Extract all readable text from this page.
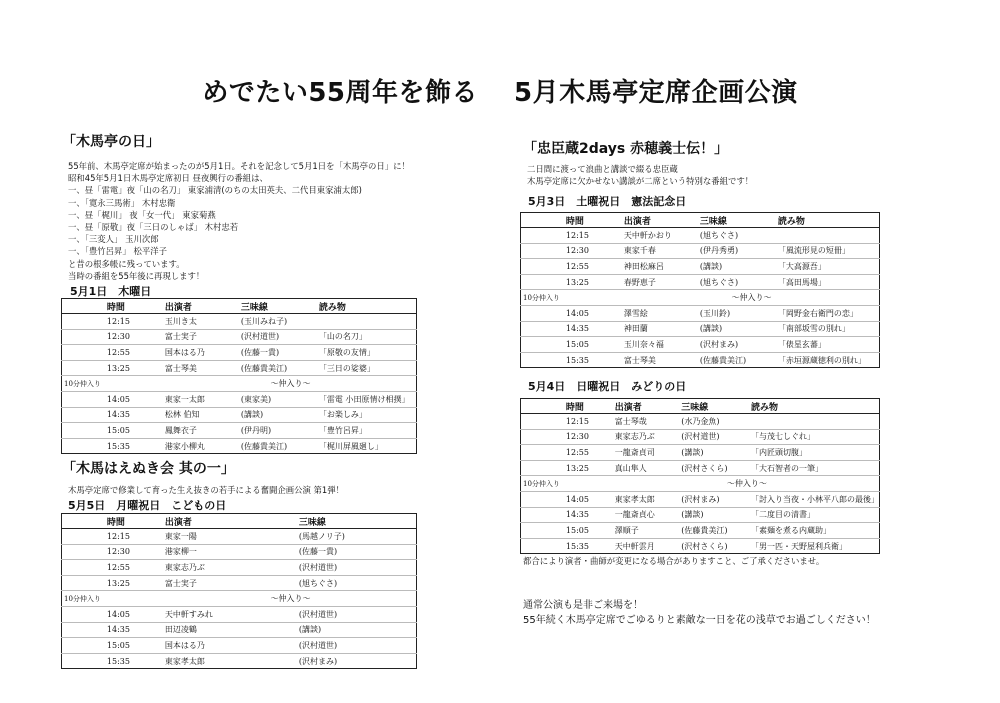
めでたい55周年を飾る　 5月木馬亭定席企画公演
「木馬亭の日」
55年前、木馬亭定席が始まったのが5月1日。それを記念して5月1日を「木馬亭の日」に！
昭和45年5月1日木馬亭定席初日 昼夜興行の番組は、
一、昼「雷電」夜「山の名刀」 東家浦清(のちの太田英夫、二代目東家浦太郎)
一、「寛永三馬術」 木村忠衛
一、昼「梶川」 夜「女一代」 東家菊燕
一、昼「原敬」夜「三日のしゃば」 木村忠若
一、「三変人」 玉川次郎
一、「豊竹呂昇」 松平洋子
と昔の根多帳に残っています。
当時の番組を55年後に再現します！
5月1日　木曜日
	時間	出演者	三味線	読み物
	12:15	玉川き太	(玉川みね子)	
	12:30	富士実子	(沢村道世)	「山の名刀」
	12:55	国本はる乃	(佐藤一貴)	「原敬の友情」
	13:25	富士琴美	(佐藤貴美江)	「三日の娑婆」
10分仲入り		～仲入り～		
	14:05	東家一太郎	(東家美)	「雷電 小田原情け相撲」
	14:35	松林 伯知	(講談)	「お楽しみ」
	15:05	鳳舞衣子	(伊丹明)	「豊竹呂昇」
	15:35	港家小柳丸	(佐藤貴美江)	「梶川屏風廻し」
「木馬はえぬき会 其の一」
木馬亭定席で修業して育った生え抜きの若手による奮闘企画公演 第1弾！
5月5日　月曜祝日　こどもの日
	時間	出演者	三味線
	12:15	東家一陽	(馬越ノリ子)
	12:30	港家柳一	(佐藤一貴)
	12:55	東家志乃ぶ	(沢村道世)
	13:25	富士実子	(旭ちぐさ)
10分仲入り		～仲入り～	
	14:05	天中軒すみれ	(沢村道世)
	14:35	田辺凌鶴	(講談)
	15:05	国本はる乃	(沢村道世)
	15:35	東家孝太郎	(沢村まみ)
「忠臣蔵2days 赤穂義士伝！」
二日間に渡って浪曲と講談で綴る忠臣蔵
木馬亭定席に欠かせない講談が二席という特別な番組です！
5月3日　土曜祝日　憲法記念日
	時間	出演者	三味線	読み物
	12:15	天中軒かおり	(旭ちぐさ)	
	12:30	東家千春	(伊丹秀勇)	「風流形見の短冊」
	12:55	神田松麻呂	(講談)	「大高源吾」
	13:25	春野恵子	(旭ちぐさ)	「高田馬場」
10分仲入り		～仲入り～		
	14:05	澤雪絵	(玉川鈴)	「岡野金右衛門の恋」
	14:35	神田蘭	(講談)	「南部坂雪の別れ」
	15:05	玉川奈々福	(沢村まみ)	「俵星玄蕃」
	15:35	富士琴美	(佐藤貴美江)	「赤垣源蔵徳利の別れ」
5月4日　日曜祝日　みどりの日
	時間	出演者	三味線	読み物
	12:15	富士琴哉	(水乃金魚)	
	12:30	東家志乃ぶ	(沢村道世)	「与茂七しぐれ」
	12:55	一龍斎貞司	(講談)	「内匠頭切腹」
	13:25	真山隼人	(沢村さくら)	「大石智者の一筆」
10分仲入り		～仲入り～		
	14:05	東家孝太郎	(沢村まみ)	「討入り当夜・小林平八郎の最後」
	14:35	一龍斎貞心	(講談)	「二度目の清書」
	15:05	澤順子	(佐藤貴美江)	「素麺を煮る内蔵助」
	15:35	天中軒雲月	(沢村さくら)	「男一匹・天野屋利兵衛」
都合により演者・曲師が変更になる場合がありますこと、ご了承くださいませ。
通常公演も是非ご来場を！
55年続く木馬亭定席でごゆるりと素敵な一日を花の浅草でお過ごしください！
